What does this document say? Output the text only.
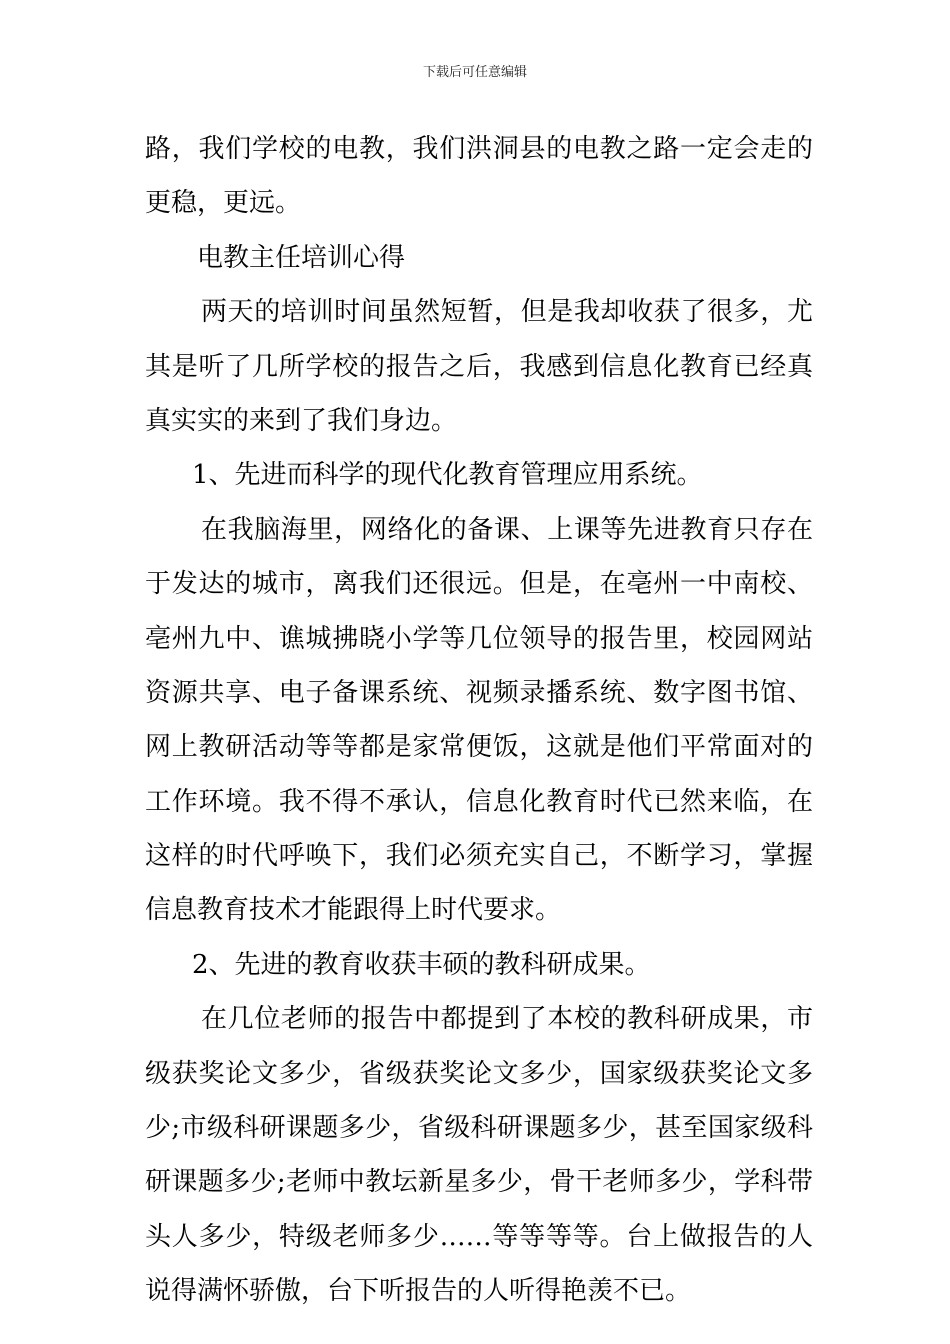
下载后可任意编辑
路，我们学校的电教，我们洪洞县的电教之路一定会走的
更稳，更远。
电教主任培训心得
两天的培训时间虽然短暂，但是我却收获了很多，尤
其是听了几所学校的报告之后，我感到信息化教育已经真
真实实的来到了我们身边。
1、先进而科学的现代化教育管理应用系统。
在我脑海里，网络化的备课、上课等先进教育只存在
于发达的城市，离我们还很远。但是，在亳州一中南校、
亳州九中、谯城拂晓小学等几位领导的报告里，校园网站
资源共享、电子备课系统、视频录播系统、数字图书馆、
网上教研活动等等都是家常便饭，这就是他们平常面对的
工作环境。我不得不承认，信息化教育时代已然来临，在
这样的时代呼唤下，我们必须充实自己，不断学习，掌握
信息教育技术才能跟得上时代要求。
2、先进的教育收获丰硕的教科研成果。
在几位老师的报告中都提到了本校的教科研成果，市
级获奖论文多少，省级获奖论文多少，国家级获奖论文多
少;市级科研课题多少，省级科研课题多少，甚至国家级科
研课题多少;老师中教坛新星多少，骨干老师多少，学科带
头人多少，特级老师多少……等等等等。台上做报告的人
说得满怀骄傲，台下听报告的人听得艳羡不已。
